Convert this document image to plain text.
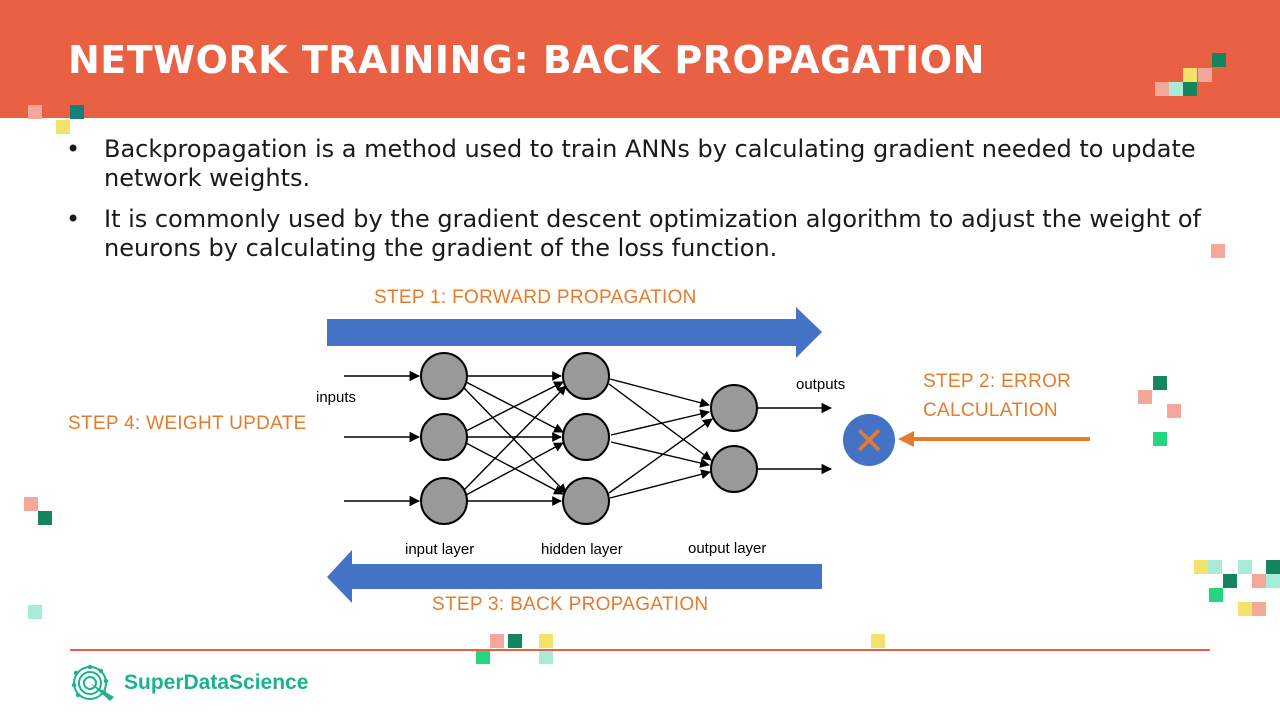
NETWORK TRAINING: BACK PROPAGATION
• Backpropagation is a method used to train ANNs by calculating gradient needed to update network weights.
• It is commonly used by the gradient descent optimization algorithm to adjust the weight of neurons by calculating the gradient of the loss function.

STEP 1: FORWARD PROPAGATION

STEP 2: ERROR
CALCULATION

STEP 3: BACK PROPAGATION

STEP 4: WEIGHT UPDATE	✕
inputs
outputs
input layer	hidden layer	output layer
SuperDataScience
